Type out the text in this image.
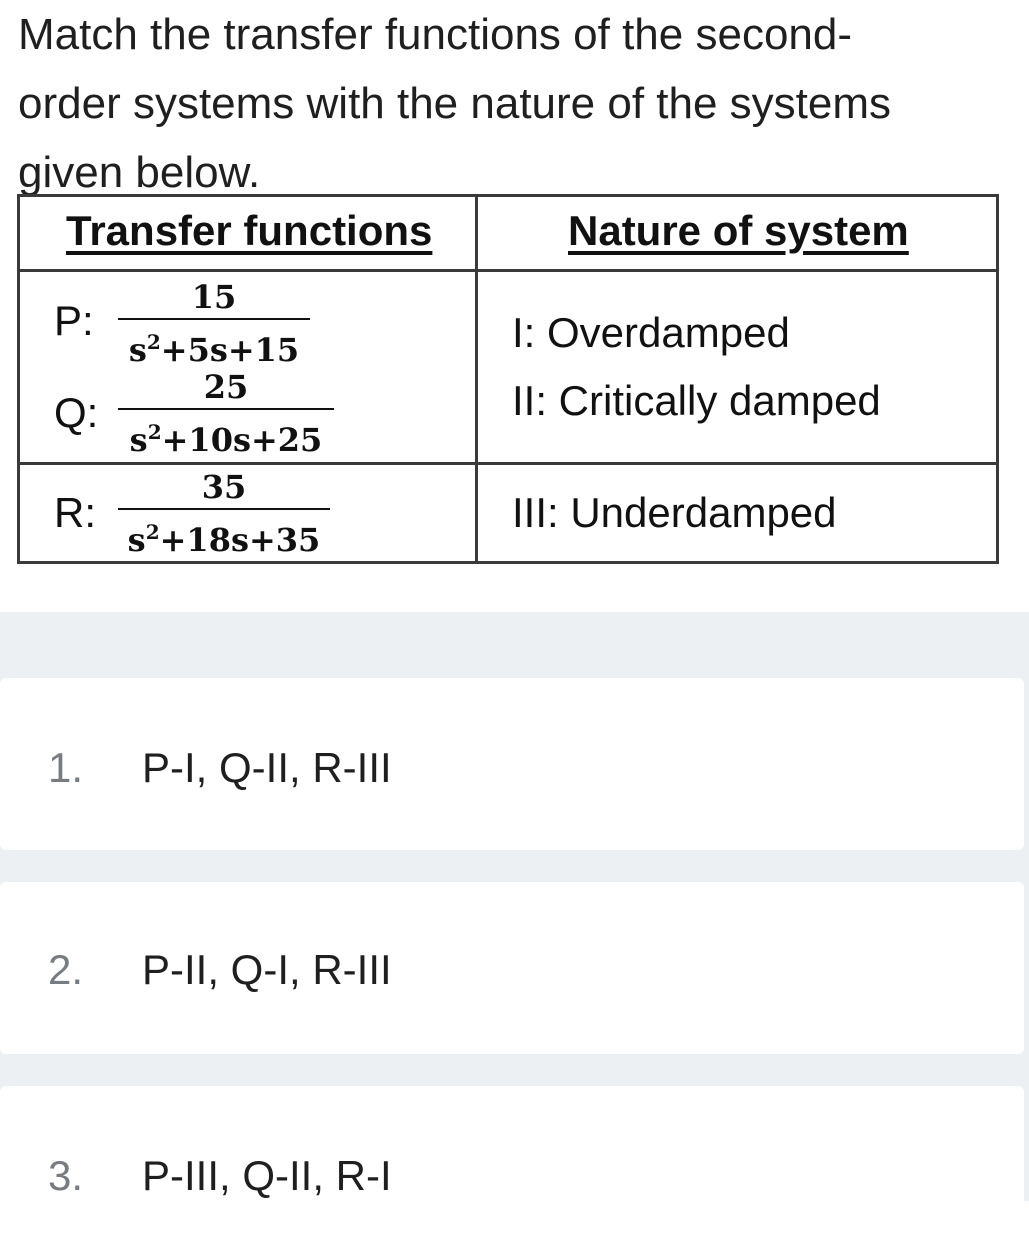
Match the transfer functions of the second-
order systems with the nature of the systems
given below.
Transfer functions	Nature of system
P:	15
$s^2+5s+15$
Q:
25
$s^2+10s+25$
R:
35
$s^2+18s+35$
I: Overdamped
II: Critically damped
III: Underdamped
1. P-I, Q-II, R-III
2. P-II, Q-I, R-III
3. P-III, Q-II, R-I
